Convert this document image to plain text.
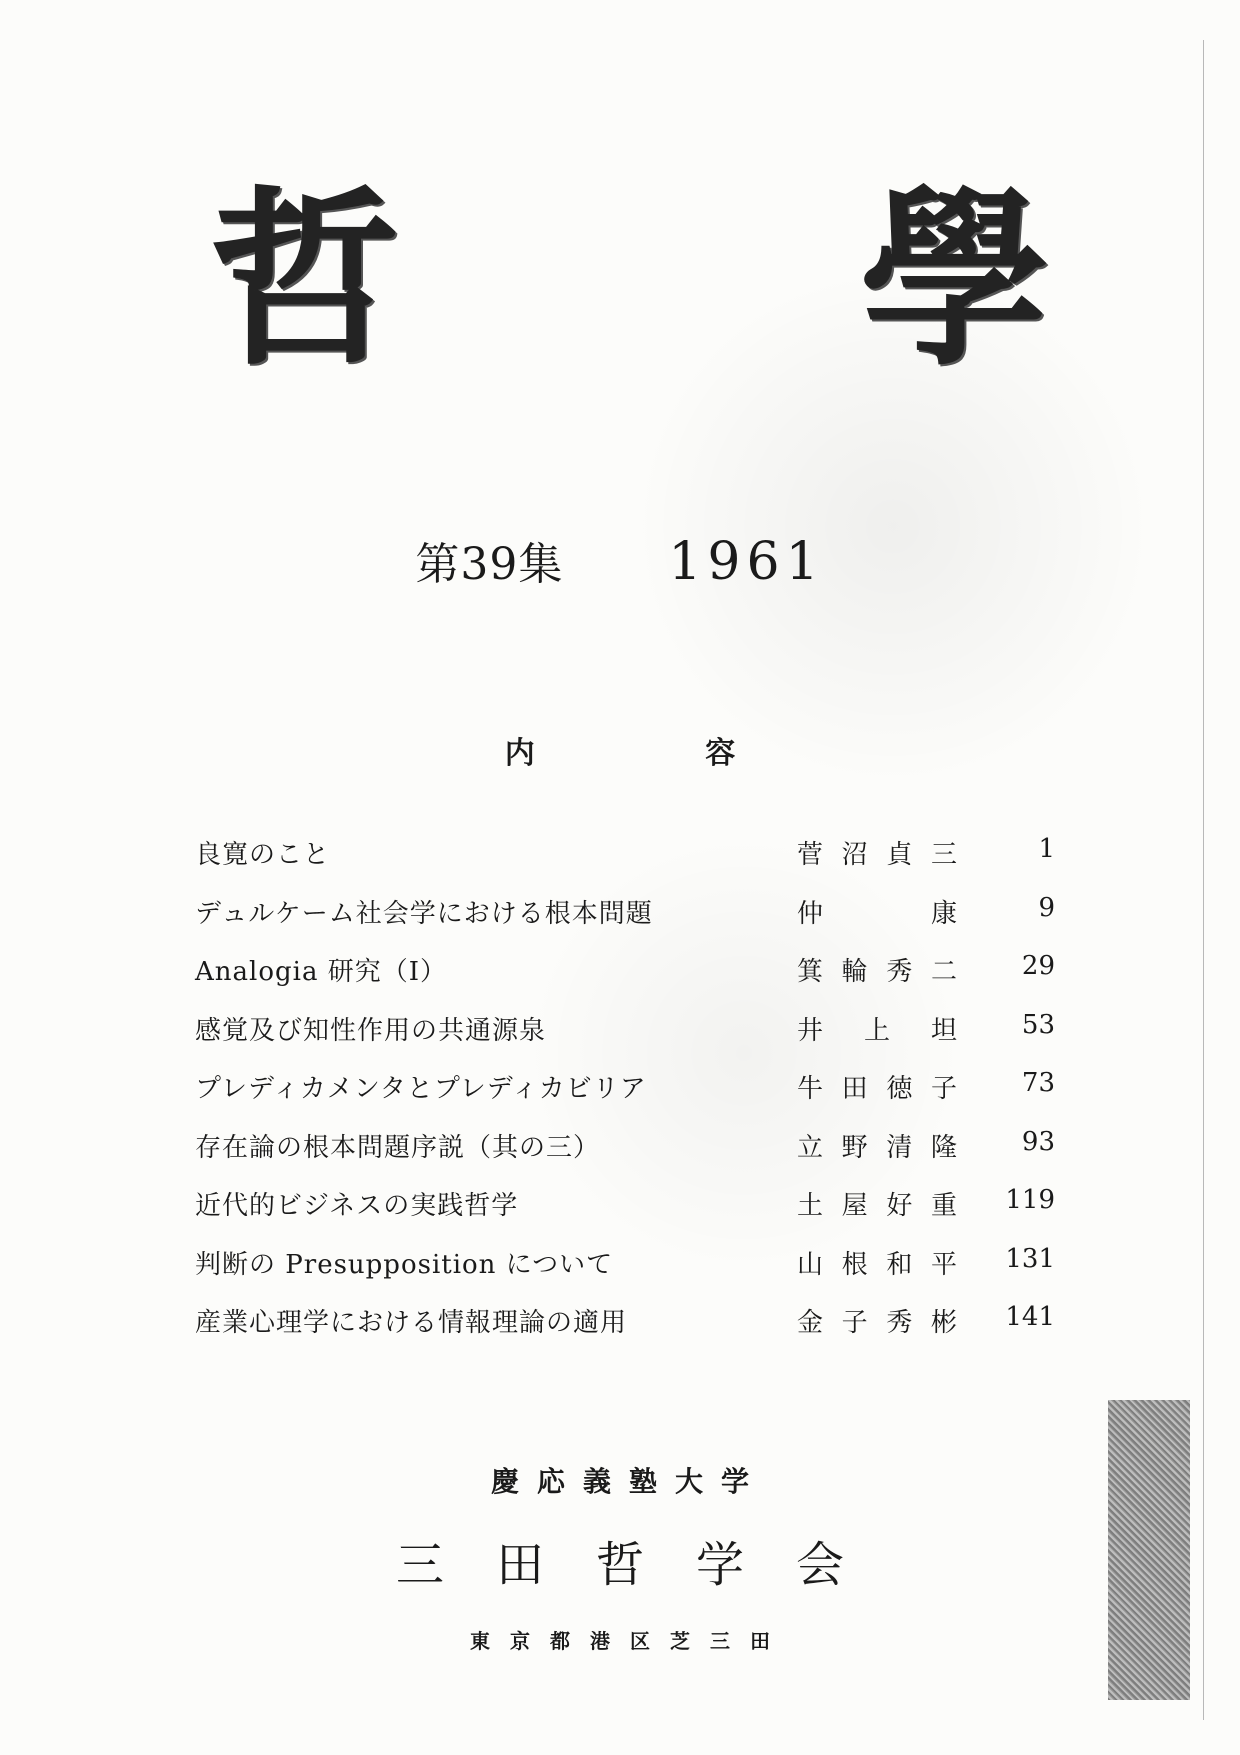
哲 學
第39集 1961
内 容
良寛のこと	菅沼貞三	1
デュルケーム社会学における根本問題	仲　　康	9
Analogia 研究（I）	箕輪秀二	29
感覚及び知性作用の共通源泉	井上坦	53
プレディカメンタとプレディカビリア	牛田徳子	73
存在論の根本問題序説（其の三）	立野清隆	93
近代的ビジネスの実践哲学	土屋好重	119
判断の Presupposition について	山根和平	131
産業心理学における情報理論の適用	金子秀彬	141
慶応義塾大学
三田哲学会
東京都港区芝三田
